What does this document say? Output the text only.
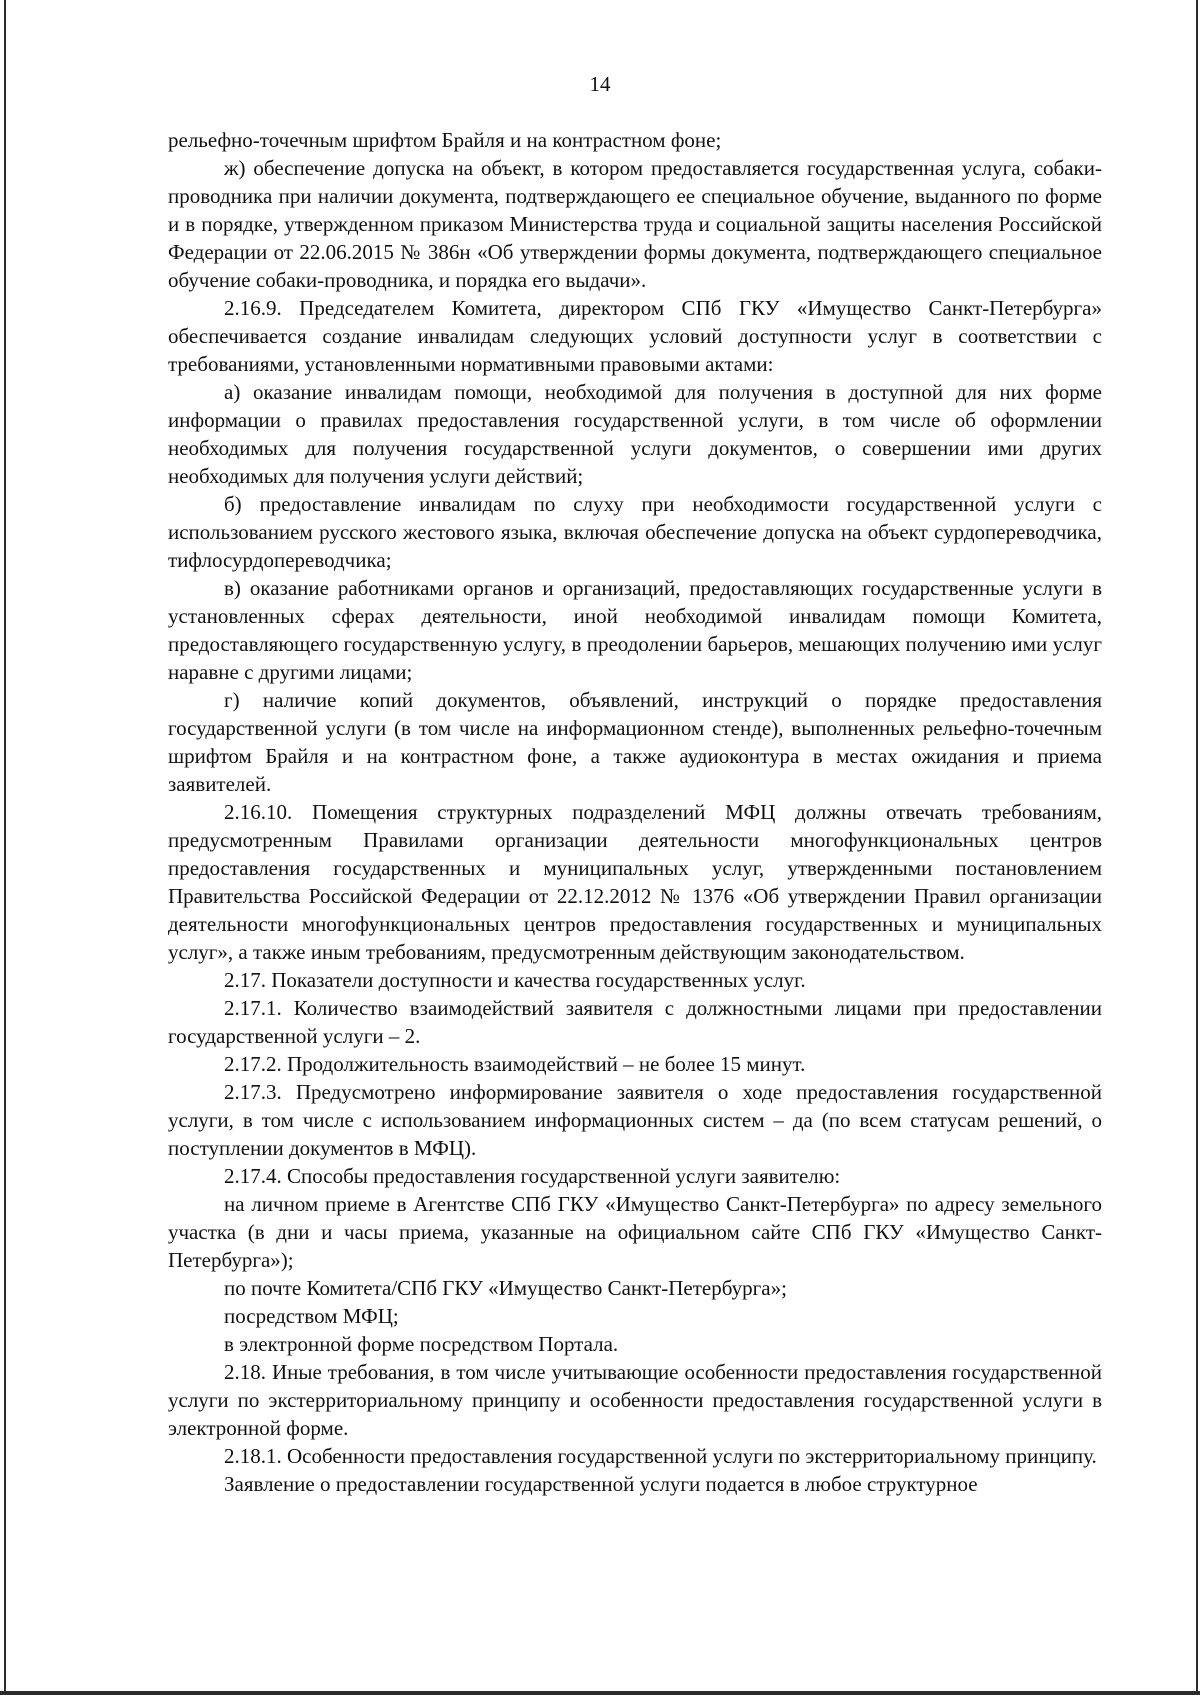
14

рельефно-точечным шрифтом Брайля и на контрастном фоне;

ж) обеспечение допуска на объект, в котором предоставляется государственная услуга, собаки-проводника при наличии документа, подтверждающего ее специальное обучение, выданного по форме и в порядке, утвержденном приказом Министерства труда и социальной защиты населения Российской Федерации от 22.06.2015 № 386н «Об утверждении формы документа, подтверждающего специальное обучение собаки-проводника, и порядка его выдачи».

2.16.9. Председателем Комитета, директором СПб ГКУ «Имущество Санкт-Петербурга» обеспечивается создание инвалидам следующих условий доступности услуг в соответствии с требованиями, установленными нормативными правовыми актами:

а) оказание инвалидам помощи, необходимой для получения в доступной для них форме информации о правилах предоставления государственной услуги, в том числе об оформлении необходимых для получения государственной услуги документов, о совершении ими других необходимых для получения услуги действий;

б) предоставление инвалидам по слуху при необходимости государственной услуги с использованием русского жестового языка, включая обеспечение допуска на объект сурдопереводчика, тифлосурдопереводчика;

в) оказание работниками органов и организаций, предоставляющих государственные услуги в установленных сферах деятельности, иной необходимой инвалидам помощи Комитета, предоставляющего государственную услугу, в преодолении барьеров, мешающих получению ими услуг наравне с другими лицами;

г) наличие копий документов, объявлений, инструкций о порядке предоставления государственной услуги (в том числе на информационном стенде), выполненных рельефно-точечным шрифтом Брайля и на контрастном фоне, а также аудиоконтура в местах ожидания и приема заявителей.

2.16.10. Помещения структурных подразделений МФЦ должны отвечать требованиям, предусмотренным Правилами организации деятельности многофункциональных центров предоставления государственных и муниципальных услуг, утвержденными постановлением Правительства Российской Федерации от 22.12.2012 № 1376 «Об утверждении Правил организации деятельности многофункциональных центров предоставления государственных и муниципальных услуг», а также иным требованиям, предусмотренным действующим законодательством.

2.17. Показатели доступности и качества государственных услуг.

2.17.1. Количество взаимодействий заявителя с должностными лицами при предоставлении государственной услуги – 2.

2.17.2. Продолжительность взаимодействий – не более 15 минут.

2.17.3. Предусмотрено информирование заявителя о ходе предоставления государственной услуги, в том числе с использованием информационных систем – да (по всем статусам решений, о поступлении документов в МФЦ).

2.17.4. Способы предоставления государственной услуги заявителю:

на личном приеме в Агентстве СПб ГКУ «Имущество Санкт-Петербурга» по адресу земельного участка (в дни и часы приема, указанные на официальном сайте СПб ГКУ «Имущество Санкт-Петербурга»);

по почте Комитета/СПб ГКУ «Имущество Санкт-Петербурга»;

посредством МФЦ;

в электронной форме посредством Портала.

2.18. Иные требования, в том числе учитывающие особенности предоставления государственной услуги по экстерриториальному принципу и особенности предоставления государственной услуги в электронной форме.

2.18.1. Особенности предоставления государственной услуги по экстерриториальному принципу.

Заявление о предоставлении государственной услуги подается в любое структурное
